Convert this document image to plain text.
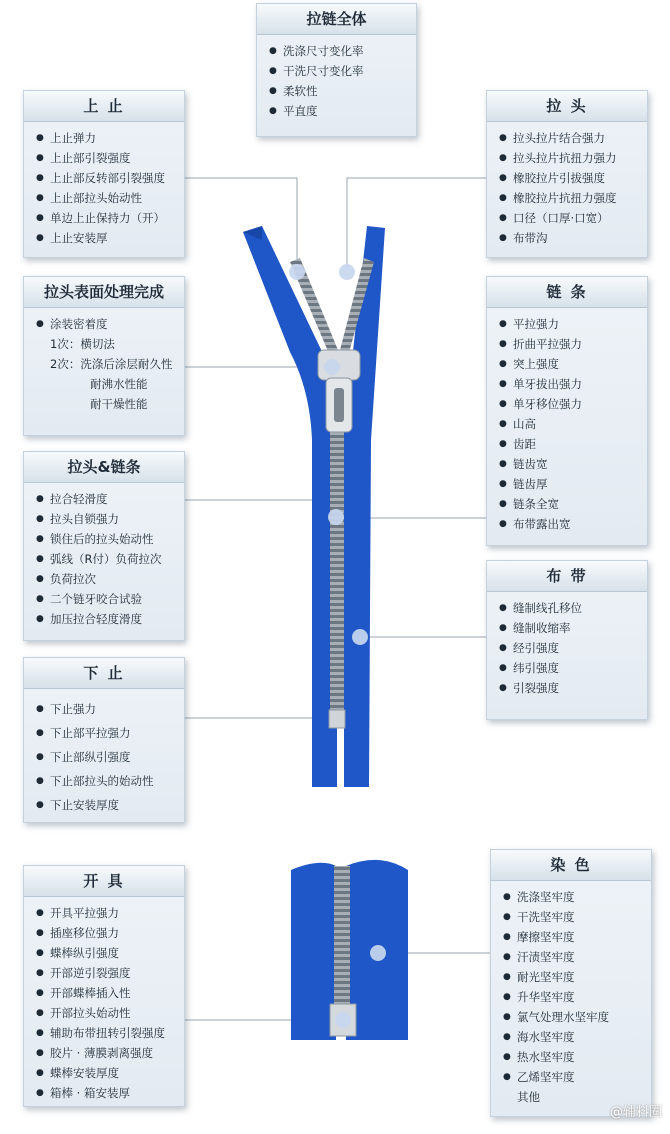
拉链全体
● 洗涤尺寸变化率
● 干洗尺寸变化率
● 柔软性
● 平直度
上 止
● 上止弹力
● 上止部引裂强度
● 上止部反转部引裂强度
● 上止部拉头始动性
● 单边上止保持力（开）
● 上止安装厚
拉 头
● 拉头拉片结合强力
● 拉头拉片抗扭力强力
● 橡胶拉片引拔强度
● 橡胶拉片抗扭力强度
● 口径（口厚·口宽）
● 布带沟
拉头表面处理完成
● 涂装密着度
1次：横切法
2次：洗涤后涂层耐久性
耐沸水性能
耐干燥性能
链 条
● 平拉强力
● 折曲平拉强力
● 突上强度
● 单牙拔出强力
● 单牙移位强力
● 山高
● 齿距
● 链齿宽
● 链齿厚
● 链条全宽
● 布带露出宽
拉头&链条
● 拉合轻滑度
● 拉头自锁强力
● 锁住后的拉头始动性
● 弧线（R付）负荷拉次
● 负荷拉次
● 二个链牙咬合试验
● 加压拉合轻度滑度
布 带
● 缝制线孔移位
● 缝制收缩率
● 经引强度
● 纬引强度
● 引裂强度
下 止
● 下止强力
● 下止部平拉强力
● 下止部纵引强度
● 下止部拉头的始动性
● 下止安装厚度
开 具
● 开具平拉强力
● 插座移位强力
● 蝶棒纵引强度
● 开部逆引裂强度
● 开部蝶棒插入性
● 开部拉头始动性
● 辅助布带扭转引裂强度
● 胶片 · 薄膜剥离强度
● 蝶棒安装厚度
● 箱棒 · 箱安装厚
染 色
● 洗涤坚牢度
● 干洗坚牢度
● 摩擦坚牢度
● 汗渍坚牢度
● 耐光坚牢度
● 升华坚牢度
● 氯气处理水坚牢度
● 海水坚牢度
● 热水坚牢度
● 乙烯坚牢度
其他
@辅料圈
